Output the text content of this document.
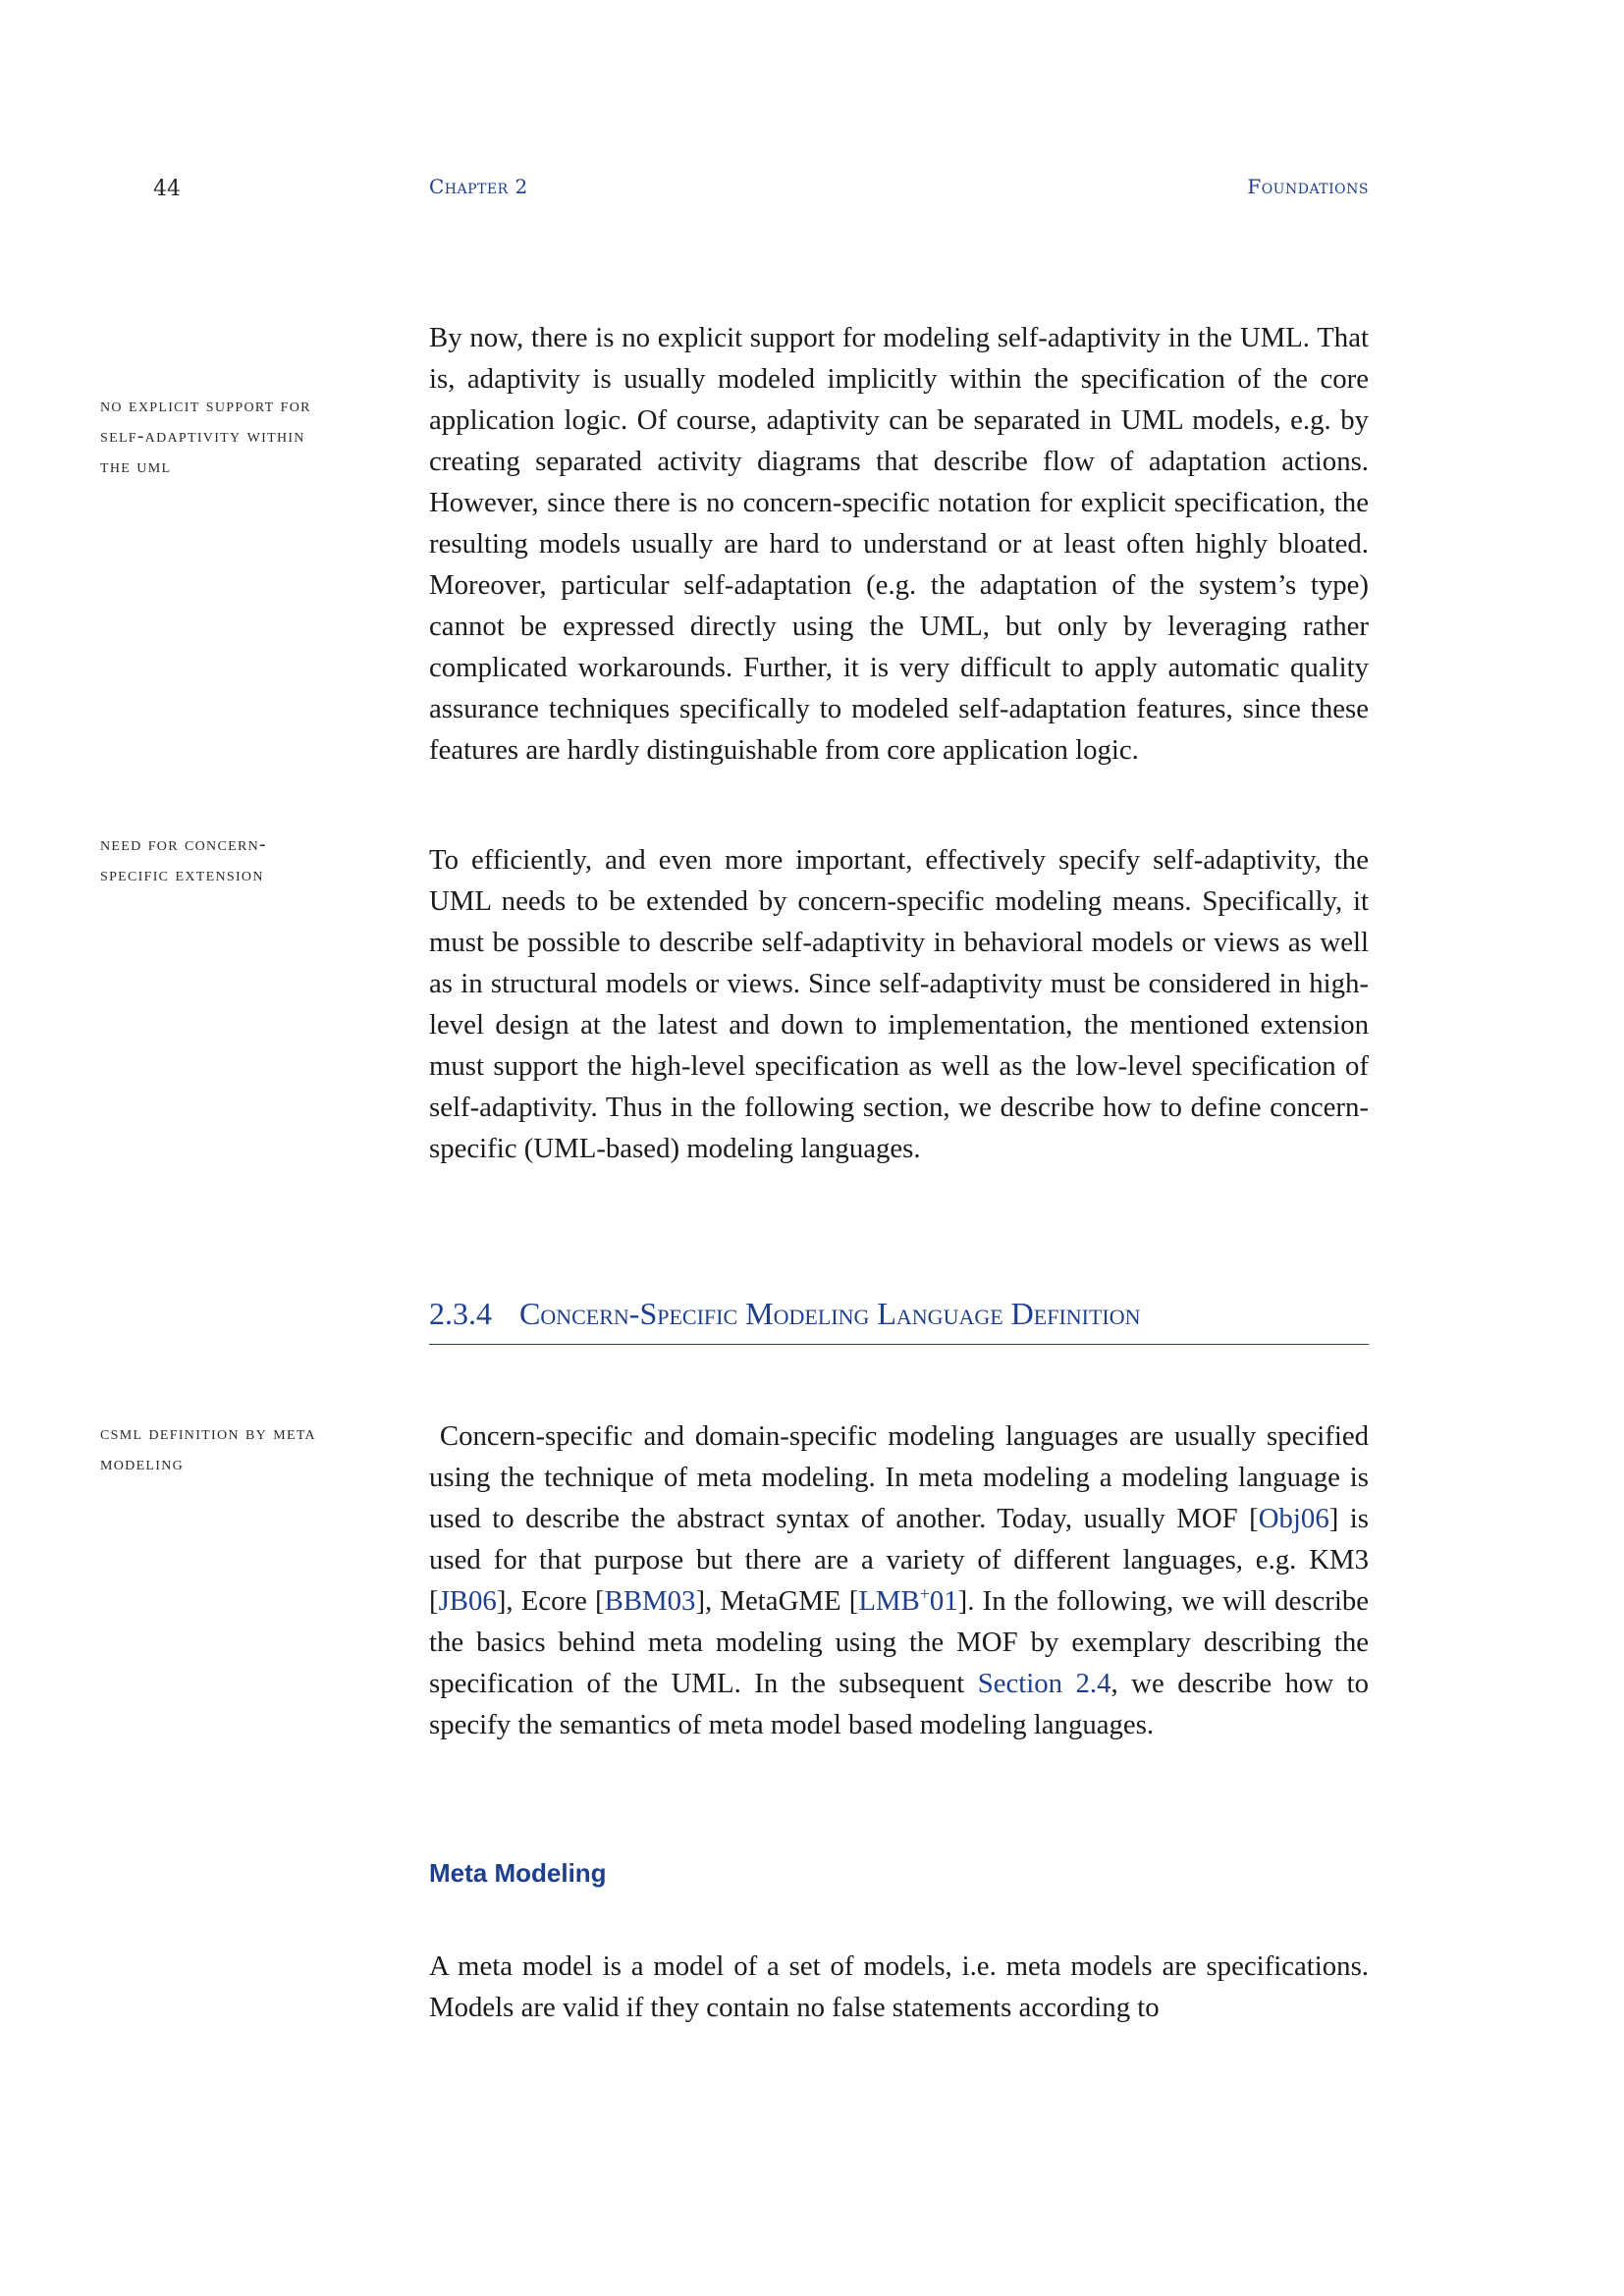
44	Chapter 2	Foundations
no explicit support for self-adaptivity within the uml
need for concern-specific extension
csml definition by meta modeling

By now, there is no explicit support for modeling self-adaptivity in the UML. That is, adaptivity is usually modeled implicitly within the specification of the core application logic. Of course, adaptivity can be separated in UML models, e.g. by creating separated activity diagrams that describe flow of adaptation actions. However, since there is no concern-specific notation for explicit specification, the resulting models usually are hard to understand or at least often highly bloated. Moreover, particular self-adaptation (e.g. the adaptation of the system’s type) cannot be expressed directly using the UML, but only by leveraging rather complicated workarounds. Further, it is very difficult to apply automatic quality assurance techniques specifically to modeled self-adaptation features, since these features are hardly distinguishable from core application logic.

To efficiently, and even more important, effectively specify self-adaptivity, the UML needs to be extended by concern-specific modeling means. Specifically, it must be possible to describe self-adaptivity in behavioral models or views as well as in structural models or views. Since self-adaptivity must be considered in high-level design at the latest and down to implementation, the mentioned extension must support the high-level specification as well as the low-level specification of self-adaptivity. Thus in the following section, we describe how to define concern-specific (UML-based) modeling languages.

2.3.4 Concern-Specific Modeling Language Definition

Concern-specific and domain-specific modeling languages are usually specified using the technique of meta modeling. In meta modeling a modeling language is used to describe the abstract syntax of another. Today, usually MOF [Obj06] is used for that purpose but there are a variety of different languages, e.g. KM3 [JB06], Ecore [BBM03], MetaGME [LMB+01]. In the following, we will describe the basics behind meta modeling using the MOF by exemplary describing the specification of the UML. In the subsequent Section 2.4, we describe how to specify the semantics of meta model based modeling languages.

Meta Modeling

A meta model is a model of a set of models, i.e. meta models are specifications. Models are valid if they contain no false statements according to
